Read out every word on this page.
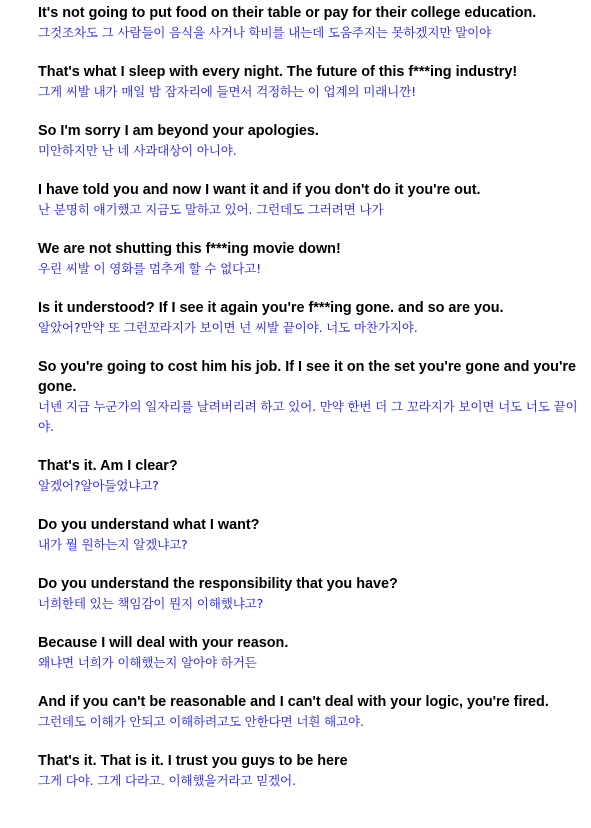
It's not going to put food on their table or pay for their college education.
그것조차도 그 사람들이 음식을 사거나 학비를 내는데 도움주지는 못하겠지만 말이야
That's what I sleep with every night. The future of this f***ing industry!
그게 씨발 내가 매일 밤 잠자리에 들면서 걱정하는 이 업계의 미래니깐!
So I'm sorry I am beyond your apologies.
미안하지만 난 네 사과대상이 아니야.
I have told you and now I want it and if you don't do it you're out.
난 분명히 얘기했고 지금도 말하고 있어. 그런데도 그러려면 나가
We are not shutting this f***ing movie down!
우린 씨발 이 영화를 멈추게 할 수 없다고!
Is it understood? If I see it again you're f***ing gone. and so are you.
알았어?만약 또 그런꼬라지가 보이면 넌 씨발 끝이야. 너도 마찬가지야.
So you're going to cost him his job. If I see it on the set you're gone and you're gone.
너넨 지금 누군가의 일자리를 날려버리려 하고 있어. 만약 한번 더 그 꼬라지가 보이면 너도 너도 끝이야.
That's it. Am I clear?
알겠어?알아들었냐고?
Do you understand what I want?
내가 뭘 원하는지 알겠냐고?
Do you understand the responsibility that you have?
너희한테 있는 책임감이 뭔지 이해했냐고?
Because I will deal with your reason.
왜냐면 너희가 이해했는지 알아야 하거든
And if you can't be reasonable and I can't deal with your logic, you're fired.
그런데도 이해가 안되고 이해하려고도 안한다면 너흰 해고야.
That's it. That is it. I trust you guys to be here
그게 다야. 그게 다라고. 이해했을거라고 믿겠어.
